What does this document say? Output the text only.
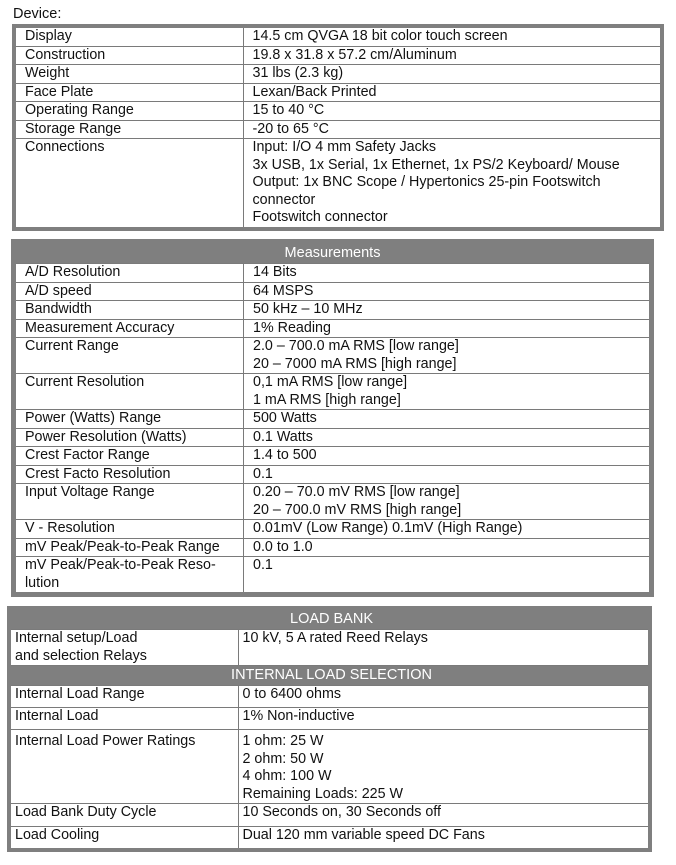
Device:
Display	14.5 cm QVGA 18 bit color touch screen
Construction	19.8 x 31.8 x 57.2 cm/Aluminum
Weight	31 lbs (2.3 kg)
Face Plate	Lexan/Back Printed
Operating Range	15 to 40 °C
Storage Range	-20 to 65 °C
Connections	Input: I/O 4 mm Safety Jacks
3x USB, 1x Serial, 1x Ethernet, 1x PS/2 Keyboard/ Mouse
Output: 1x BNC Scope / Hypertonics 25-pin Footswitch
connector
Footswitch connector
Measurements	
A/D Resolution	14 Bits
A/D speed	64 MSPS
Bandwidth	50 kHz – 10 MHz
Measurement Accuracy	1% Reading
Current Range	2.0 – 700.0 mA RMS [low range]
20 – 7000 mA RMS [high range]

Current Resolution	0,1 mA RMS [low range]
1 mA RMS [high range]

Power (Watts) Range	500 Watts
Power Resolution (Watts)	0.1 Watts
Crest Factor Range	1.4 to 500
Crest Facto Resolution	0.1
Input Voltage Range	0.20 – 70.0 mV RMS [low range]
20 – 700.0 mV RMS [high range]

V - Resolution	0.01mV (Low Range) 0.1mV (High Range)
mV Peak/Peak-to-Peak Range	0.0 to 1.0

mV Peak/Peak-to-Peak Reso-
lution	0.1
LOAD BANK	

Internal setup/Load
and selection Relays	10 kV, 5 A rated Reed Relays
INTERNAL LOAD SELECTION	
Internal Load Range	0 to 6400 ohms
Internal Load	1% Non-inductive
Internal Load Power Ratings	1 ohm: 25 W
2 ohm: 50 W
4 ohm: 100 W
Remaining Loads: 225 W

Load Bank Duty Cycle	10 Seconds on, 30 Seconds off
Load Cooling	Dual 120 mm variable speed DC Fans
